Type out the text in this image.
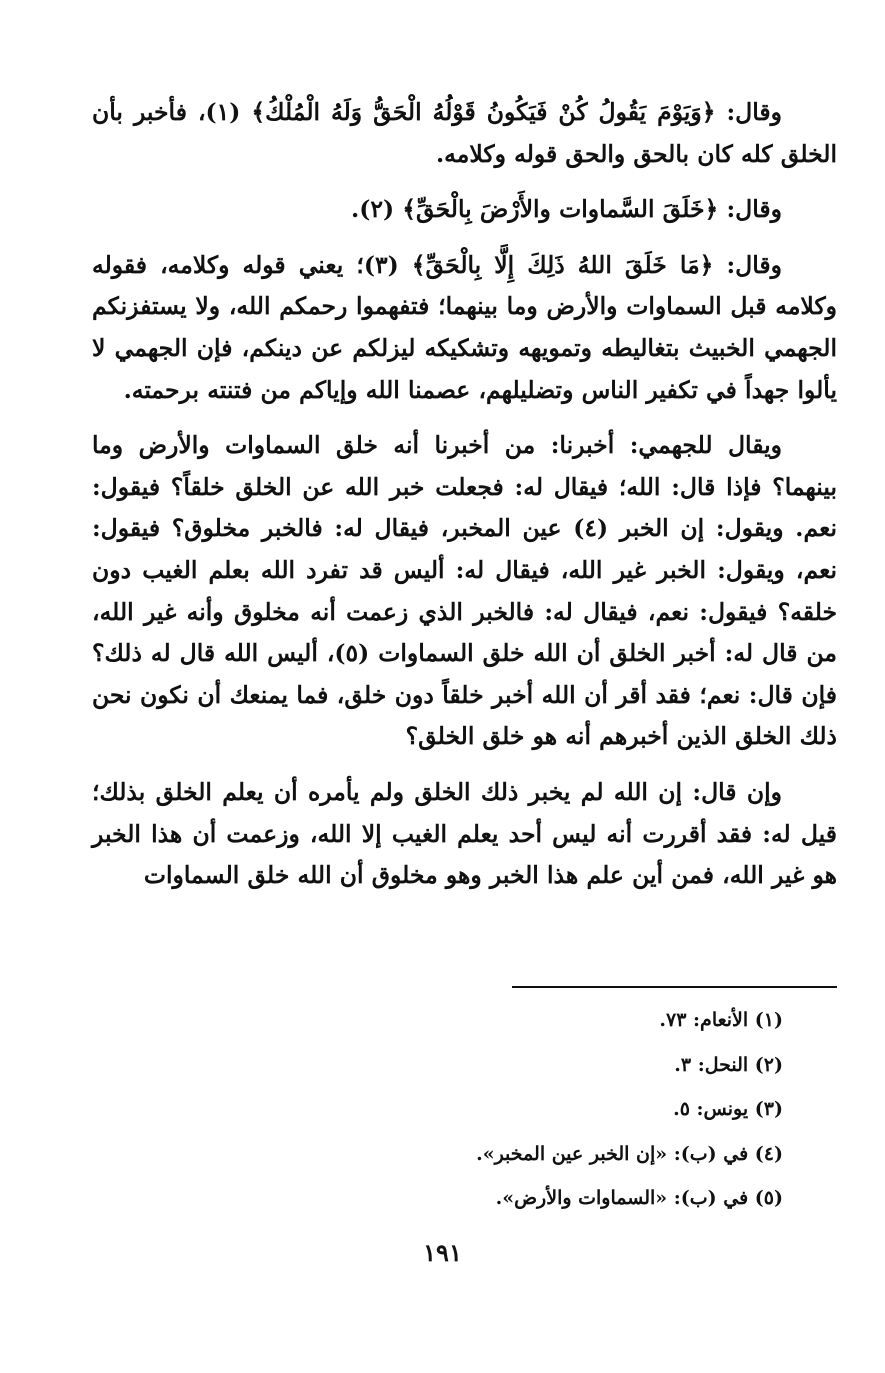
وقال: ﴿وَيَوْمَ يَقُولُ كُنْ فَيَكُونُ قَوْلُهُ الْحَقُّ وَلَهُ الْمُلْكُ﴾ (١)، فأخبر بأن الخلق كله كان بالحق والحق قوله وكلامه.

وقال: ﴿خَلَقَ السَّماوات والأَرْضَ بِالْحَقِّ﴾ (٢).

وقال: ﴿مَا خَلَقَ اللهُ ذَلِكَ إِلَّا بِالْحَقِّ﴾ (٣)؛ يعني قوله وكلامه، فقوله وكلامه قبل السماوات والأرض وما بينهما؛ فتفهموا رحمكم الله، ولا يستفزنكم الجهمي الخبيث بتغاليطه وتمويهه وتشكيكه ليزلكم عن دينكم، فإن الجهمي لا يألوا جهداً في تكفير الناس وتضليلهم، عصمنا الله وإياكم من فتنته برحمته.

ويقال للجهمي: أخبرنا: من أخبرنا أنه خلق السماوات والأرض وما بينهما؟ فإذا قال: الله؛ فيقال له: فجعلت خبر الله عن الخلق خلقاً؟ فيقول: نعم. ويقول: إن الخبر (٤) عين المخبر، فيقال له: فالخبر مخلوق؟ فيقول: نعم، ويقول: الخبر غير الله، فيقال له: أليس قد تفرد الله بعلم الغيب دون خلقه؟ فيقول: نعم، فيقال له: فالخبر الذي زعمت أنه مخلوق وأنه غير الله، من قال له: أخبر الخلق أن الله خلق السماوات (٥)، أليس الله قال له ذلك؟ فإن قال: نعم؛ فقد أقر أن الله أخبر خلقاً دون خلق، فما يمنعك أن نكون نحن ذلك الخلق الذين أخبرهم أنه هو خلق الخلق؟

وإن قال: إن الله لم يخبر ذلك الخلق ولم يأمره أن يعلم الخلق بذلك؛ قيل له: فقد أقررت أنه ليس أحد يعلم الغيب إلا الله، وزعمت أن هذا الخبر هو غير الله، فمن أين علم هذا الخبر وهو مخلوق أن الله خلق السماوات

(١) الأنعام: ٧٣.

(٢) النحل: ٣.

(٣) يونس: ٥.

(٤) في (ب): «إن الخبر عين المخبر».

(٥) في (ب): «السماوات والأرض».

١٩١
